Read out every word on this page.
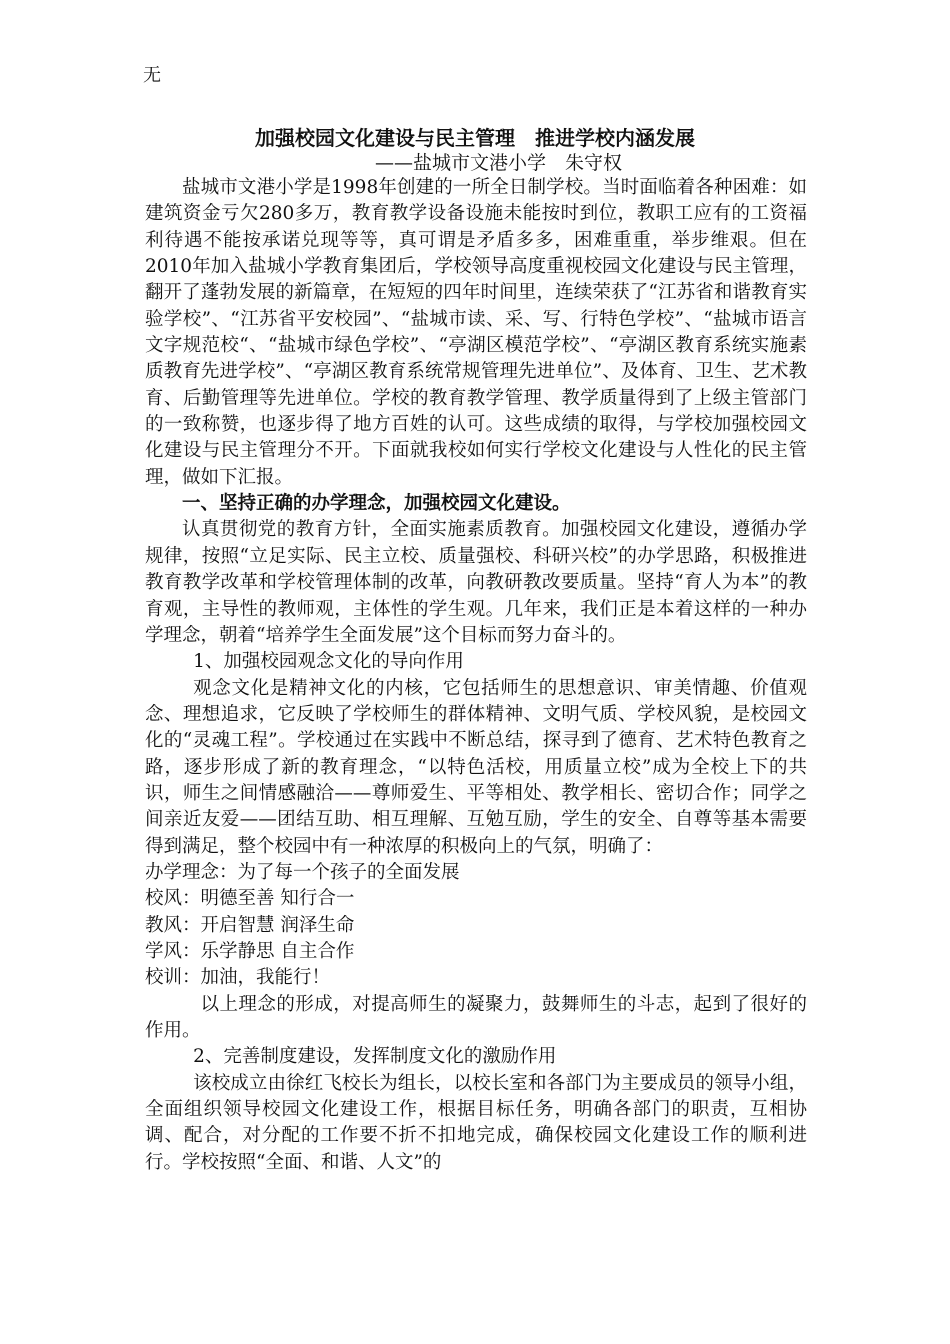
无
加强校园文化建设与民主管理　推进学校内涵发展
——盐城市文港小学　朱守权

盐城市文港小学是1998年创建的一所全日制学校。当时面临着各种困难：如建筑资金亏欠280多万，教育教学设备设施未能按时到位，教职工应有的工资福利待遇不能按承诺兑现等等，真可谓是矛盾多多，困难重重，举步维艰。但在2010年加入盐城小学教育集团后，学校领导高度重视校园文化建设与民主管理，翻开了蓬勃发展的新篇章，在短短的四年时间里，连续荣获了“江苏省和谐教育实验学校”、“江苏省平安校园”、“盐城市读、采、写、行特色学校”、“盐城市语言文字规范校“、“盐城市绿色学校”、“亭湖区模范学校”、“亭湖区教育系统实施素质教育先进学校”、“亭湖区教育系统常规管理先进单位”、及体育、卫生、艺术教育、后勤管理等先进单位。学校的教育教学管理、教学质量得到了上级主管部门的一致称赞，也逐步得了地方百姓的认可。这些成绩的取得，与学校加强校园文化建设与民主管理分不开。下面就我校如何实行学校文化建设与人性化的民主管理，做如下汇报。

一、坚持正确的办学理念，加强校园文化建设。

认真贯彻党的教育方针，全面实施素质教育。加强校园文化建设，遵循办学规律，按照“立足实际、民主立校、质量强校、科研兴校”的办学思路，积极推进教育教学改革和学校管理体制的改革，向教研教改要质量。坚持“育人为本”的教育观，主导性的教师观，主体性的学生观。几年来，我们正是本着这样的一种办学理念，朝着“培养学生全面发展”这个目标而努力奋斗的。

1、加强校园观念文化的导向作用

观念文化是精神文化的内核，它包括师生的思想意识、审美情趣、价值观念、理想追求，它反映了学校师生的群体精神、文明气质、学校风貌，是校园文化的“灵魂工程”。学校通过在实践中不断总结，探寻到了德育、艺术特色教育之路，逐步形成了新的教育理念，“以特色活校，用质量立校”成为全校上下的共识，师生之间情感融洽——尊师爱生、平等相处、教学相长、密切合作；同学之间亲近友爱——团结互助、相互理解、互勉互励，学生的安全、自尊等基本需要得到满足，整个校园中有一种浓厚的积极向上的气氛，明确了：

办学理念：为了每一个孩子的全面发展

校风：明德至善 知行合一

教风：开启智慧 润泽生命

学风：乐学静思 自主合作

校训：加油，我能行！

以上理念的形成，对提高师生的凝聚力，鼓舞师生的斗志，起到了很好的作用。

2、完善制度建设，发挥制度文化的激励作用

该校成立由徐红飞校长为组长，以校长室和各部门为主要成员的领导小组，全面组织领导校园文化建设工作，根据目标任务，明确各部门的职责，互相协调、配合，对分配的工作要不折不扣地完成，确保校园文化建设工作的顺利进行。学校按照“全面、和谐、人文”的
